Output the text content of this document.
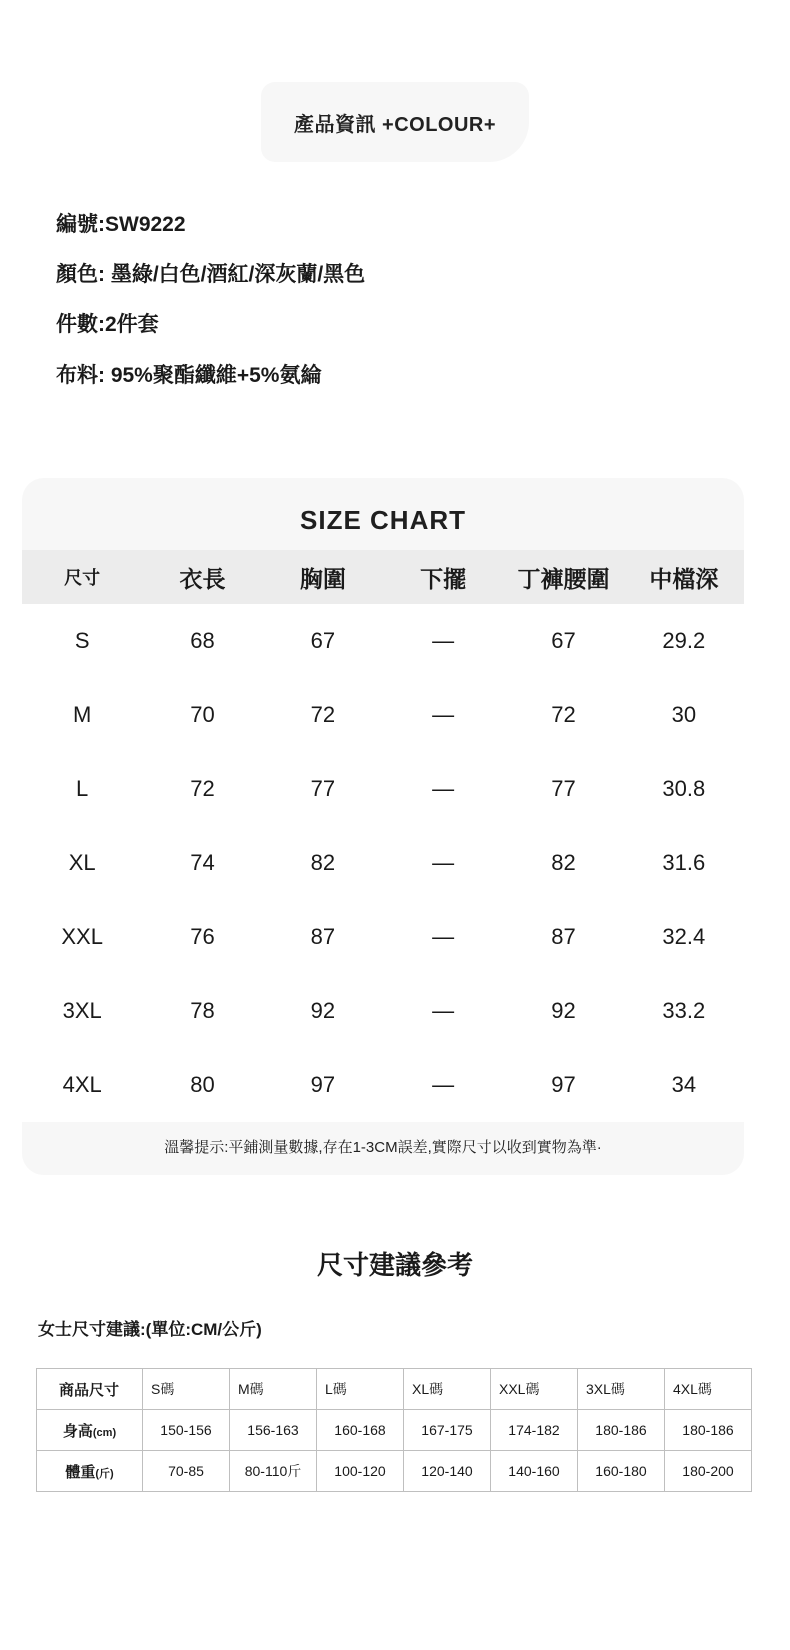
產品資訊 +COLOUR+
編號:SW9222
顏色: 墨綠/白色/酒紅/深灰蘭/黑色
件數:2件套
布料: 95%聚酯纖維+5%氨綸
SIZE CHART
尺寸	衣長	胸圍	下擺	丁褲腰圍	中檔深
S	68	67	—	67	29.2
M	70	72	—	72	30
L	72	77	—	77	30.8
XL	74	82	—	82	31.6
XXL	76	87	—	87	32.4
3XL	78	92	—	92	33.2
4XL	80	97	—	97	34
溫馨提示:平鋪測量數據,存在1-3CM誤差,實際尺寸以收到實物為準·
尺寸建議參考
女士尺寸建議:(單位:CM/公斤)
商品尺寸	S碼	M碼	L碼	XL碼	XXL碼	3XL碼	4XL碼
身高(cm)	150-156	156-163	160-168	167-175	174-182	180-186	180-186
體重(斤)	70-85	80-110斤	100-120	120-140	140-160	160-180	180-200
